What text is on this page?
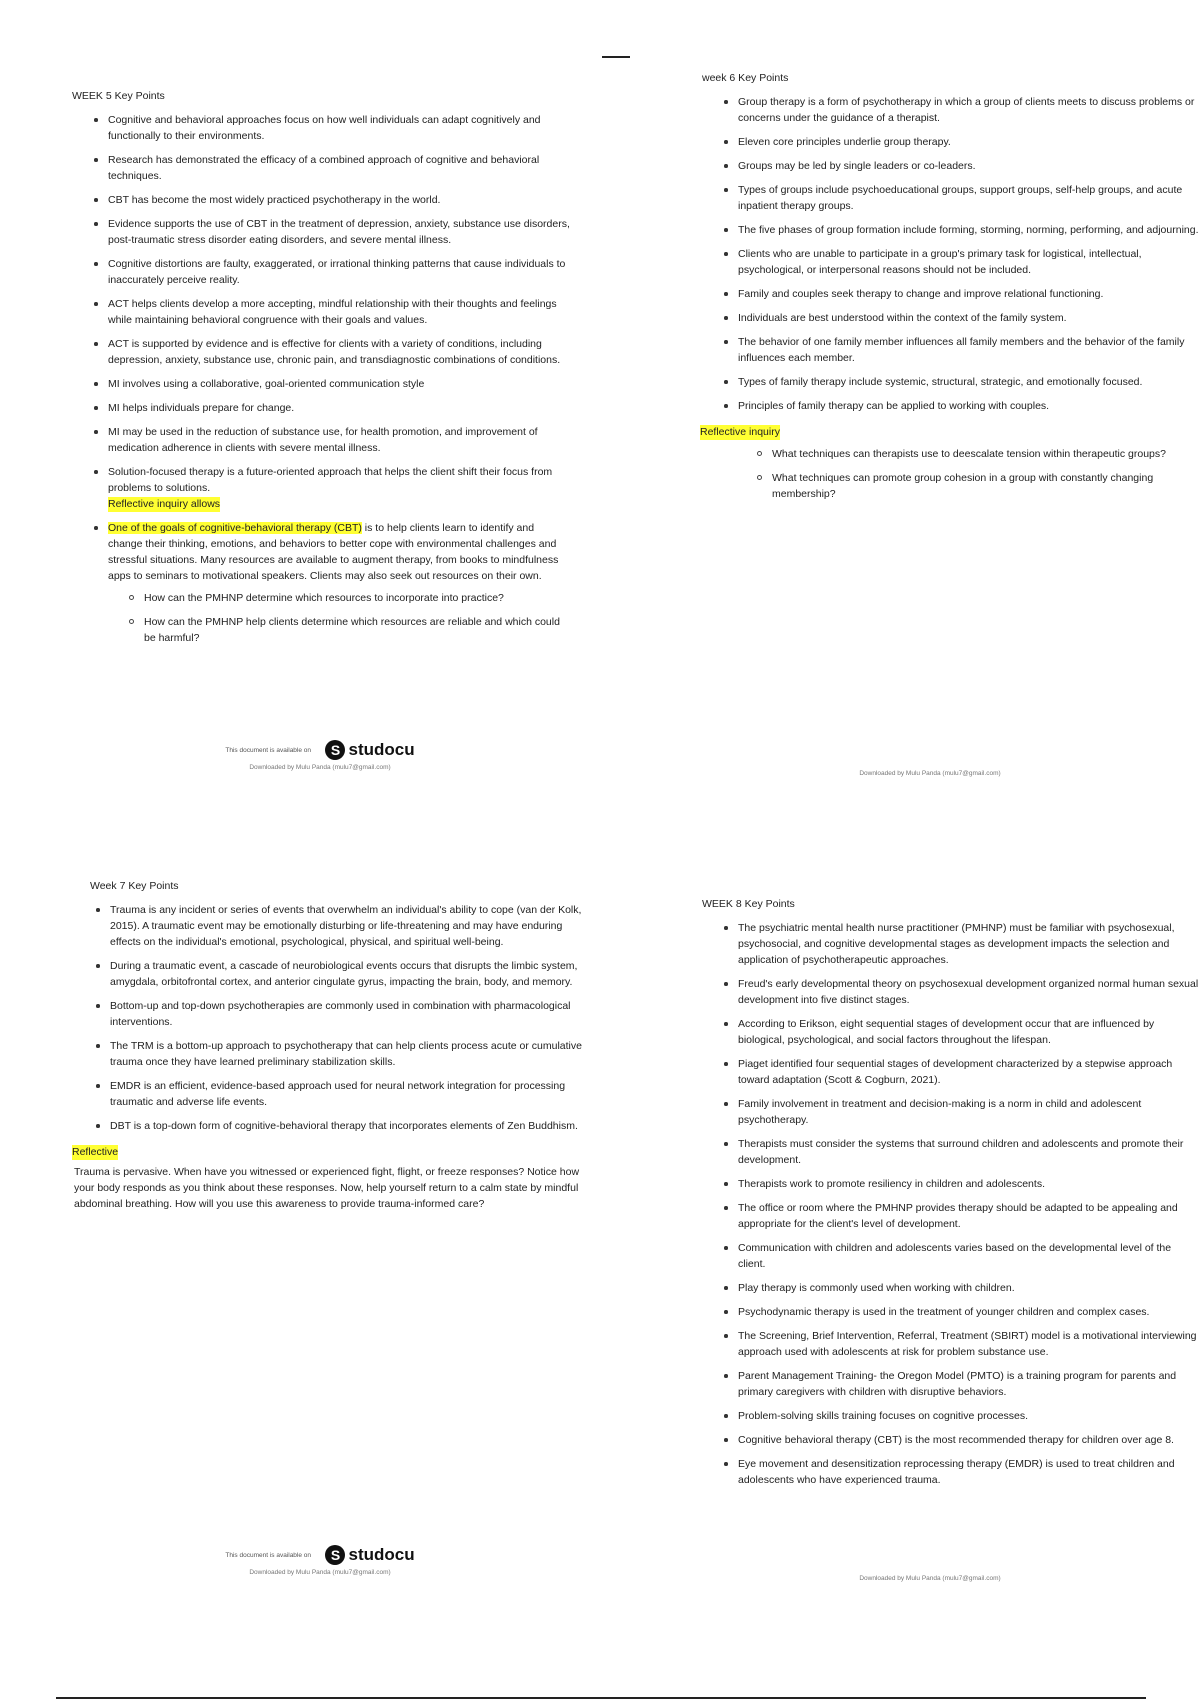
WEEK 5 Key Points
Cognitive and behavioral approaches focus on how well individuals can adapt cognitively and functionally to their environments.
Research has demonstrated the efficacy of a combined approach of cognitive and behavioral techniques.
CBT has become the most widely practiced psychotherapy in the world.
Evidence supports the use of CBT in the treatment of depression, anxiety, substance use disorders, post-traumatic stress disorder eating disorders, and severe mental illness.
Cognitive distortions are faulty, exaggerated, or irrational thinking patterns that cause individuals to inaccurately perceive reality.
ACT helps clients develop a more accepting, mindful relationship with their thoughts and feelings while maintaining behavioral congruence with their goals and values.
ACT is supported by evidence and is effective for clients with a variety of conditions, including depression, anxiety, substance use, chronic pain, and transdiagnostic combinations of conditions.
MI involves using a collaborative, goal-oriented communication style
MI helps individuals prepare for change.
MI may be used in the reduction of substance use, for health promotion, and improvement of medication adherence in clients with severe mental illness.
Solution-focused therapy is a future-oriented approach that helps the client shift their focus from problems to solutions.
Reflective inquiry allows
One of the goals of cognitive-behavioral therapy (CBT) is to help clients learn to identify and change their thinking, emotions, and behaviors to better cope with environmental challenges and stressful situations. Many resources are available to augment therapy, from books to mindfulness apps to seminars to motivational speakers. Clients may also seek out resources on their own.
How can the PMHNP determine which resources to incorporate into practice?
How can the PMHNP help clients determine which resources are reliable and which could be harmful?
week 6 Key Points
Group therapy is a form of psychotherapy in which a group of clients meets to discuss problems or concerns under the guidance of a therapist.
Eleven core principles underlie group therapy.
Groups may be led by single leaders or co-leaders.
Types of groups include psychoeducational groups, support groups, self-help groups, and acute inpatient therapy groups.
The five phases of group formation include forming, storming, norming, performing, and adjourning.
Clients who are unable to participate in a group's primary task for logistical, intellectual, psychological, or interpersonal reasons should not be included.
Family and couples seek therapy to change and improve relational functioning.
Individuals are best understood within the context of the family system.
The behavior of one family member influences all family members and the behavior of the family influences each member.
Types of family therapy include systemic, structural, strategic, and emotionally focused.
Principles of family therapy can be applied to working with couples.
Reflective inquiry
What techniques can therapists use to deescalate tension within therapeutic groups?
What techniques can promote group cohesion in a group with constantly changing membership?
This document is available on	S studocu
Downloaded by Mulu Panda (mulu7@gmail.com)
Downloaded by Mulu Panda (mulu7@gmail.com)
Week 7 Key Points
Trauma is any incident or series of events that overwhelm an individual's ability to cope (van der Kolk, 2015). A traumatic event may be emotionally disturbing or life-threatening and may have enduring effects on the individual's emotional, psychological, physical, and spiritual well-being.
During a traumatic event, a cascade of neurobiological events occurs that disrupts the limbic system, amygdala, orbitofrontal cortex, and anterior cingulate gyrus, impacting the brain, body, and memory.
Bottom-up and top-down psychotherapies are commonly used in combination with pharmacological interventions.
The TRM is a bottom-up approach to psychotherapy that can help clients process acute or cumulative trauma once they have learned preliminary stabilization skills.
EMDR is an efficient, evidence-based approach used for neural network integration for processing traumatic and adverse life events.
DBT is a top-down form of cognitive-behavioral therapy that incorporates elements of Zen Buddhism.
Reflective
Trauma is pervasive. When have you witnessed or experienced fight, flight, or freeze responses? Notice how your body responds as you think about these responses. Now, help yourself return to a calm state by mindful abdominal breathing. How will you use this awareness to provide trauma-informed care?
WEEK 8 Key Points
The psychiatric mental health nurse practitioner (PMHNP) must be familiar with psychosexual, psychosocial, and cognitive developmental stages as development impacts the selection and application of psychotherapeutic approaches.
Freud's early developmental theory on psychosexual development organized normal human sexual development into five distinct stages.
According to Erikson, eight sequential stages of development occur that are influenced by biological, psychological, and social factors throughout the lifespan.
Piaget identified four sequential stages of development characterized by a stepwise approach toward adaptation (Scott & Cogburn, 2021).
Family involvement in treatment and decision-making is a norm in child and adolescent psychotherapy.
Therapists must consider the systems that surround children and adolescents and promote their development.
Therapists work to promote resiliency in children and adolescents.
The office or room where the PMHNP provides therapy should be adapted to be appealing and appropriate for the client's level of development.
Communication with children and adolescents varies based on the developmental level of the client.
Play therapy is commonly used when working with children.
Psychodynamic therapy is used in the treatment of younger children and complex cases.
The Screening, Brief Intervention, Referral, Treatment (SBIRT) model is a motivational interviewing approach used with adolescents at risk for problem substance use.
Parent Management Training- the Oregon Model (PMTO) is a training program for parents and primary caregivers with children with disruptive behaviors.
Problem-solving skills training focuses on cognitive processes.
Cognitive behavioral therapy (CBT) is the most recommended therapy for children over age 8.
Eye movement and desensitization reprocessing therapy (EMDR) is used to treat children and adolescents who have experienced trauma.
This document is available on	S studocu
Downloaded by Mulu Panda (mulu7@gmail.com)
Downloaded by Mulu Panda (mulu7@gmail.com)
